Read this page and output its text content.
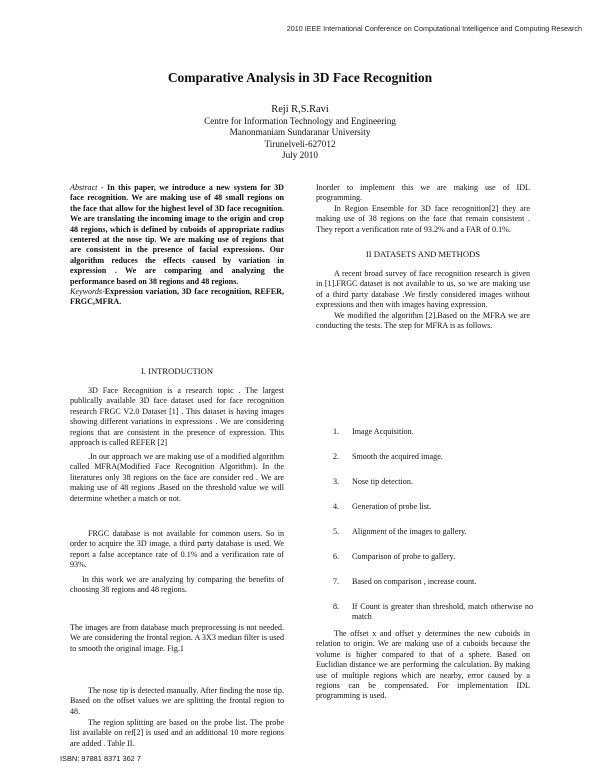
2010 IEEE International Conference on Computational Intelligence and Computing Research
Comparative Analysis in 3D Face Recognition
Reji R,S.Ravi
Centre for Information Technology and Engineering
Manonmaniam Sundaranar University
Tirunelveli-627012
July 2010

Abstract - In this paper, we introduce a new system for 3D face recognition. We are making use of 48 small regions on the face that allow for the highest level of 3D face recognition. We are translating the incoming image to the origin and crop 48 regions, which is defined by cuboids of appropriate radius centered at the nose tip. We are making use of regions that are consistent in the presence of facial expressions. Our algorithm reduces the effects caused by variation in expression . We are comparing and analyzing the performance based on 38 regions and 48 regions.

Keywords-Expression variation, 3D face recognition, REFER, FRGC,MFRA.

I. INTRODUCTION

3D Face Recognition is a research topic . The largest publically available 3D face dataset used for face recognition research FRGC V2.0 Dataset [1] . This dataset is having images showing different variations in expressions . We are considering regions that are consistent in the presence of expression. This approach is called REFER [2]

.In our approach we are making use of a modified algorithm called MFRA(Modified Face Recognition Algorithm). In the literatures only 38 regions on the face are consider red . We are making use of 48 regions .Based on the threshold value we will determine whether a match or not.

FRGC database is not available for common users. So in order to acquire the 3D image, a third party database is used. We report a false acceptance rate of 0.1% and a verification rate of 93%.

In this work we are analyzing by comparing the benefits of choosing 38 regions and 48 regions.

The images are from database much preprocessing is not needed. We are considering the frontal region. A 3X3 median filter is used to smooth the original image. Fig.1

The nose tip is detected manually. After finding the nose tip. Based on the offset values we are splitting the frontal region to 48.

The region splitting are based on the probe list. The probe list available on ref[2] is used and an additional 10 more regions are added . Table II.

ISBN: 97881 8371 362 7

Inorder to implement this we are making use of IDL programming.

In Region Ensemble for 3D face recognition[2] they are making use of 38 regions on the face that remain consistent . They report a verification rate of 93.2% and a FAR of 0.1%.

II DATASETS AND METHODS

A recent broad survey of face recognition research is given in [1].FRGC dataset is not available to us, so we are making use of a third party database .We firstly considered images without expressions and then with images having expression.

We modified the algorithm [2].Based on the MFRA we are conducting the tests. The step for MFRA is as follows.

1.	Image Acquisition.
2.	Smooth the acquired image.
3.	Nose tip detection.
4.	Generation of probe list.
5.	Alignment of the images to gallery.
6.	Comparison of probe to gallery.
7.	Based on comparison , increase count.
8.	If Count is greater than threshold, match otherwise no match

The offset x and offset y determines the new cuboids in relation to origin. We are making use of a cuboids because the volume is higher compared to that of a sphere. Based on Euclidian distance we are performing the calculation. By making use of multiple regions which are nearby, error caused by a regions can be compensated. For implementation IDL programming is used.
